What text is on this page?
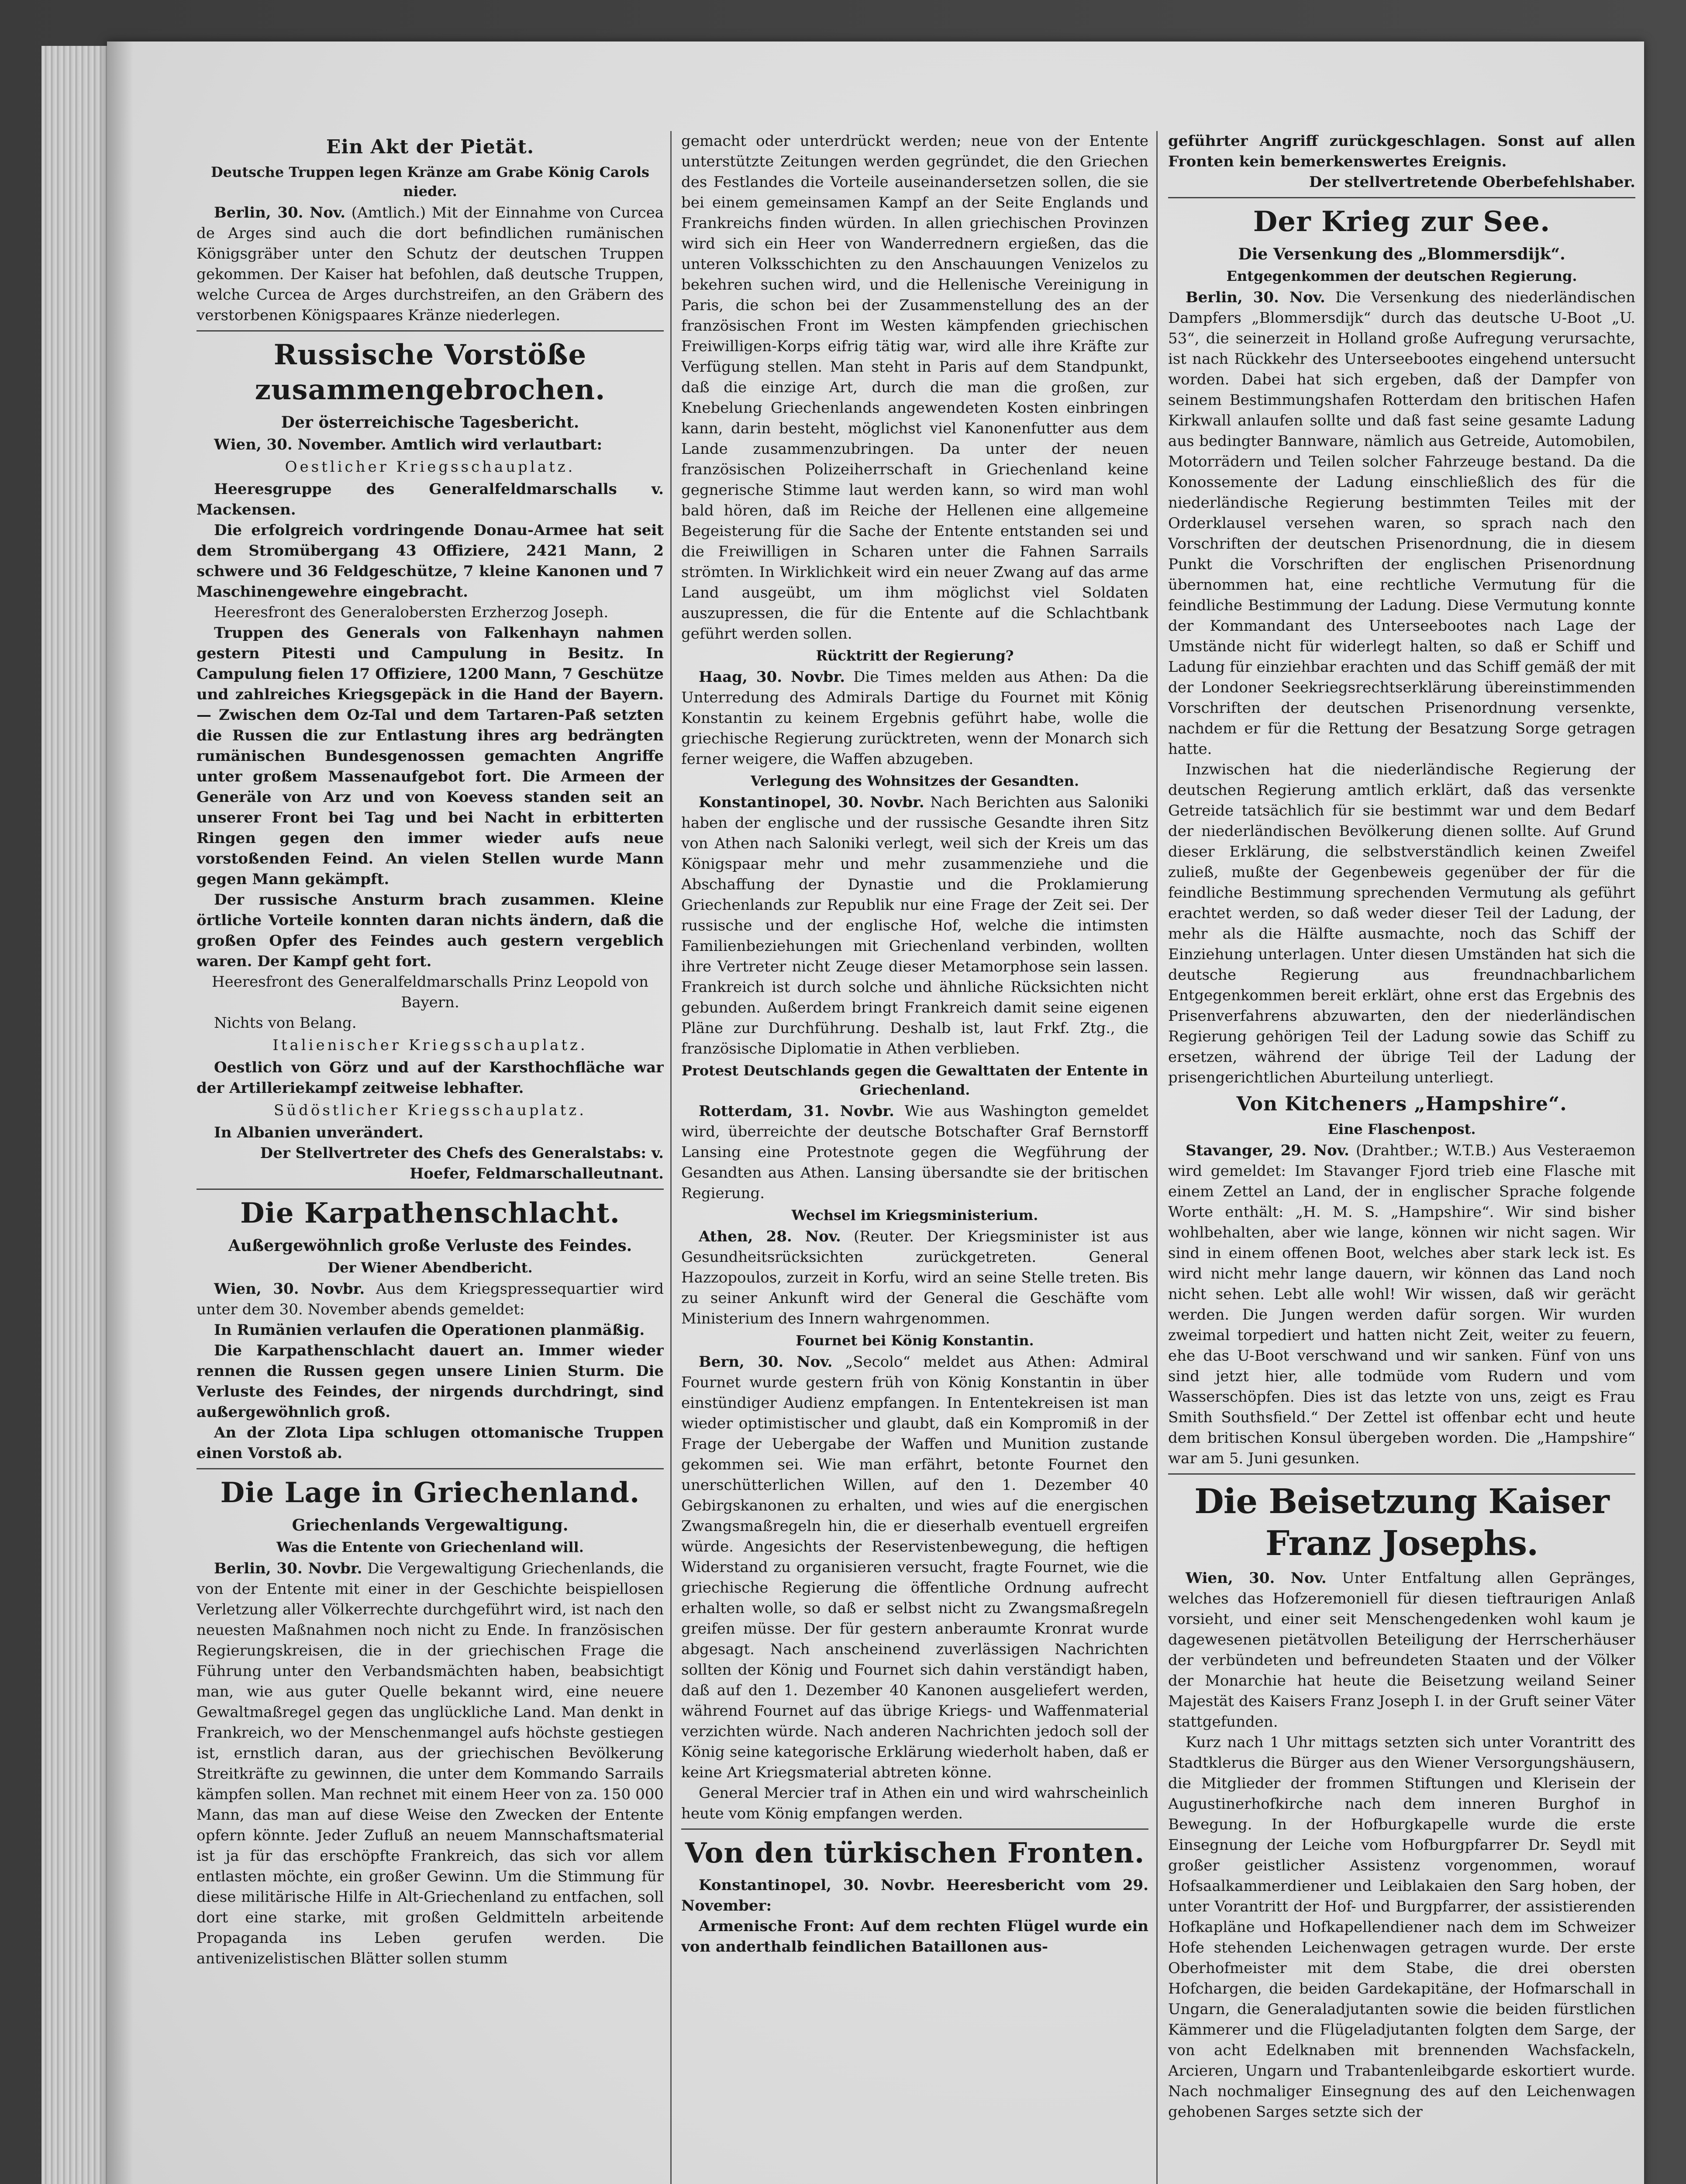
Ein Akt der Pietät.
Deutsche Truppen legen Kränze am Grabe König Carols nieder.

Berlin, 30. Nov. (Amtlich.) Mit der Einnahme von Curcea de Arges sind auch die dort befindlichen rumänischen Königsgräber unter den Schutz der deutschen Truppen gekommen. Der Kaiser hat befohlen, daß deutsche Truppen, welche Curcea de Arges durchstreifen, an den Gräbern des verstorbenen Königspaares Kränze niederlegen.

Russische Vorstöße zusammengebrochen.
Der österreichische Tagesbericht.

Wien, 30. November. Amtlich wird verlautbart:

Oestlicher Kriegsschauplatz.

Heeresgruppe des Generalfeldmarschalls v. Mackensen.

Die erfolgreich vordringende Donau-Armee hat seit dem Stromübergang 43 Offiziere, 2421 Mann, 2 schwere und 36 Feldgeschütze, 7 kleine Kanonen und 7 Maschinengewehre eingebracht.

Heeresfront des Generalobersten Erzherzog Joseph.

Truppen des Generals von Falkenhayn nahmen gestern Pitesti und Campulung in Besitz. In Campulung fielen 17 Offiziere, 1200 Mann, 7 Geschütze und zahlreiches Kriegsgepäck in die Hand der Bayern. — Zwischen dem Oz-Tal und dem Tartaren-Paß setzten die Russen die zur Entlastung ihres arg bedrängten rumänischen Bundesgenossen gemachten Angriffe unter großem Massenaufgebot fort. Die Armeen der Generäle von Arz und von Koevess standen seit an unserer Front bei Tag und bei Nacht in erbitterten Ringen gegen den immer wieder aufs neue vorstoßenden Feind. An vielen Stellen wurde Mann gegen Mann gekämpft.

Der russische Ansturm brach zusammen. Kleine örtliche Vorteile konnten daran nichts ändern, daß die großen Opfer des Feindes auch gestern vergeblich waren. Der Kampf geht fort.

Heeresfront des Generalfeldmarschalls Prinz Leopold von Bayern.

Nichts von Belang.

Italienischer Kriegsschauplatz.

Oestlich von Görz und auf der Karsthochfläche war der Artilleriekampf zeitweise lebhafter.

Südöstlicher Kriegsschauplatz.

In Albanien unverändert.

Der Stellvertreter des Chefs des Generalstabs: v. Hoefer, Feldmarschalleutnant.

Die Karpathenschlacht.
Außergewöhnlich große Verluste des Feindes.
Der Wiener Abendbericht.

Wien, 30. Novbr. Aus dem Kriegspressequartier wird unter dem 30. November abends gemeldet:

In Rumänien verlaufen die Operationen planmäßig.

Die Karpathenschlacht dauert an. Immer wieder rennen die Russen gegen unsere Linien Sturm. Die Verluste des Feindes, der nirgends durchdringt, sind außergewöhnlich groß.

An der Zlota Lipa schlugen ottomanische Truppen einen Vorstoß ab.

Die Lage in Griechenland.
Griechenlands Vergewaltigung.
Was die Entente von Griechenland will.

Berlin, 30. Novbr. Die Vergewaltigung Griechenlands, die von der Entente mit einer in der Geschichte beispiellosen Verletzung aller Völkerrechte durchgeführt wird, ist nach den neuesten Maßnahmen noch nicht zu Ende. In französischen Regierungskreisen, die in der griechischen Frage die Führung unter den Verbandsmächten haben, beabsichtigt man, wie aus guter Quelle bekannt wird, eine neuere Gewaltmaßregel gegen das unglückliche Land. Man denkt in Frankreich, wo der Menschenmangel aufs höchste gestiegen ist, ernstlich daran, aus der griechischen Bevölkerung Streitkräfte zu gewinnen, die unter dem Kommando Sarrails kämpfen sollen. Man rechnet mit einem Heer von za. 150 000 Mann, das man auf diese Weise den Zwecken der Entente opfern könnte. Jeder Zufluß an neuem Mannschaftsmaterial ist ja für das erschöpfte Frankreich, das sich vor allem entlasten möchte, ein großer Gewinn. Um die Stimmung für diese militärische Hilfe in Alt-Griechenland zu entfachen, soll dort eine starke, mit großen Geldmitteln arbeitende Propaganda ins Leben gerufen werden. Die antivenizelistischen Blätter sollen stumm

gemacht oder unterdrückt werden; neue von der Entente unterstützte Zeitungen werden gegründet, die den Griechen des Festlandes die Vorteile auseinandersetzen sollen, die sie bei einem gemeinsamen Kampf an der Seite Englands und Frankreichs finden würden. In allen griechischen Provinzen wird sich ein Heer von Wanderrednern ergießen, das die unteren Volksschichten zu den Anschauungen Venizelos zu bekehren suchen wird, und die Hellenische Vereinigung in Paris, die schon bei der Zusammenstellung des an der französischen Front im Westen kämpfenden griechischen Freiwilligen-Korps eifrig tätig war, wird alle ihre Kräfte zur Verfügung stellen. Man steht in Paris auf dem Standpunkt, daß die einzige Art, durch die man die großen, zur Knebelung Griechenlands angewendeten Kosten einbringen kann, darin besteht, möglichst viel Kanonenfutter aus dem Lande zusammenzubringen. Da unter der neuen französischen Polizeiherrschaft in Griechenland keine gegnerische Stimme laut werden kann, so wird man wohl bald hören, daß im Reiche der Hellenen eine allgemeine Begeisterung für die Sache der Entente entstanden sei und die Freiwilligen in Scharen unter die Fahnen Sarrails strömten. In Wirklichkeit wird ein neuer Zwang auf das arme Land ausgeübt, um ihm möglichst viel Soldaten auszupressen, die für die Entente auf die Schlachtbank geführt werden sollen.

Rücktritt der Regierung?

Haag, 30. Novbr. Die Times melden aus Athen: Da die Unterredung des Admirals Dartige du Fournet mit König Konstantin zu keinem Ergebnis geführt habe, wolle die griechische Regierung zurücktreten, wenn der Monarch sich ferner weigere, die Waffen abzugeben.

Verlegung des Wohnsitzes der Gesandten.

Konstantinopel, 30. Novbr. Nach Berichten aus Saloniki haben der englische und der russische Gesandte ihren Sitz von Athen nach Saloniki verlegt, weil sich der Kreis um das Königspaar mehr und mehr zusammenziehe und die Abschaffung der Dynastie und die Proklamierung Griechenlands zur Republik nur eine Frage der Zeit sei. Der russische und der englische Hof, welche die intimsten Familienbeziehungen mit Griechenland verbinden, wollten ihre Vertreter nicht Zeuge dieser Metamorphose sein lassen. Frankreich ist durch solche und ähnliche Rücksichten nicht gebunden. Außerdem bringt Frankreich damit seine eigenen Pläne zur Durchführung. Deshalb ist, laut Frkf. Ztg., die französische Diplomatie in Athen verblieben.

Protest Deutschlands gegen die Gewalttaten der Entente in Griechenland.

Rotterdam, 31. Novbr. Wie aus Washington gemeldet wird, überreichte der deutsche Botschafter Graf Bernstorff Lansing eine Protestnote gegen die Wegführung der Gesandten aus Athen. Lansing übersandte sie der britischen Regierung.

Wechsel im Kriegsministerium.

Athen, 28. Nov. (Reuter. Der Kriegsminister ist aus Gesundheitsrücksichten zurückgetreten. General Hazzopoulos, zurzeit in Korfu, wird an seine Stelle treten. Bis zu seiner Ankunft wird der General die Geschäfte vom Ministerium des Innern wahrgenommen.

Fournet bei König Konstantin.

Bern, 30. Nov. „Secolo“ meldet aus Athen: Admiral Fournet wurde gestern früh von König Konstantin in über einstündiger Audienz empfangen. In Ententekreisen ist man wieder optimistischer und glaubt, daß ein Kompromiß in der Frage der Uebergabe der Waffen und Munition zustande gekommen sei. Wie man erfährt, betonte Fournet den unerschütterlichen Willen, auf den 1. Dezember 40 Gebirgskanonen zu erhalten, und wies auf die energischen Zwangsmaßregeln hin, die er dieserhalb eventuell ergreifen würde. Angesichts der Reservistenbewegung, die heftigen Widerstand zu organisieren versucht, fragte Fournet, wie die griechische Regierung die öffentliche Ordnung aufrecht erhalten wolle, so daß er selbst nicht zu Zwangsmaßregeln greifen müsse. Der für gestern anberaumte Kronrat wurde abgesagt. Nach anscheinend zuverlässigen Nachrichten sollten der König und Fournet sich dahin verständigt haben, daß auf den 1. Dezember 40 Kanonen ausgeliefert werden, während Fournet auf das übrige Kriegs- und Waffenmaterial verzichten würde. Nach anderen Nachrichten jedoch soll der König seine kategorische Erklärung wiederholt haben, daß er keine Art Kriegsmaterial abtreten könne.

General Mercier traf in Athen ein und wird wahrscheinlich heute vom König empfangen werden.

Von den türkischen Fronten.

Konstantinopel, 30. Novbr. Heeresbericht vom 29. November:

Armenische Front: Auf dem rechten Flügel wurde ein von anderthalb feindlichen Bataillonen aus-

geführter Angriff zurückgeschlagen. Sonst auf allen Fronten kein bemerkenswertes Ereignis.

Der stellvertretende Oberbefehlshaber.

Der Krieg zur See.
Die Versenkung des „Blommersdijk“.
Entgegenkommen der deutschen Regierung.

Berlin, 30. Nov. Die Versenkung des niederländischen Dampfers „Blommersdijk“ durch das deutsche U-Boot „U. 53“, die seinerzeit in Holland große Aufregung verursachte, ist nach Rückkehr des Unterseebootes eingehend untersucht worden. Dabei hat sich ergeben, daß der Dampfer von seinem Bestimmungshafen Rotterdam den britischen Hafen Kirkwall anlaufen sollte und daß fast seine gesamte Ladung aus bedingter Bannware, nämlich aus Getreide, Automobilen, Motorrädern und Teilen solcher Fahrzeuge bestand. Da die Konossemente der Ladung einschließlich des für die niederländische Regierung bestimmten Teiles mit der Orderklausel versehen waren, so sprach nach den Vorschriften der deutschen Prisenordnung, die in diesem Punkt die Vorschriften der englischen Prisenordnung übernommen hat, eine rechtliche Vermutung für die feindliche Bestimmung der Ladung. Diese Vermutung konnte der Kommandant des Unterseebootes nach Lage der Umstände nicht für widerlegt halten, so daß er Schiff und Ladung für einziehbar erachten und das Schiff gemäß der mit der Londoner Seekriegsrechtserklärung übereinstimmenden Vorschriften der deutschen Prisenordnung versenkte, nachdem er für die Rettung der Besatzung Sorge getragen hatte.

Inzwischen hat die niederländische Regierung der deutschen Regierung amtlich erklärt, daß das versenkte Getreide tatsächlich für sie bestimmt war und dem Bedarf der niederländischen Bevölkerung dienen sollte. Auf Grund dieser Erklärung, die selbstverständlich keinen Zweifel zuließ, mußte der Gegenbeweis gegenüber der für die feindliche Bestimmung sprechenden Vermutung als geführt erachtet werden, so daß weder dieser Teil der Ladung, der mehr als die Hälfte ausmachte, noch das Schiff der Einziehung unterlagen. Unter diesen Umständen hat sich die deutsche Regierung aus freundnachbarlichem Entgegenkommen bereit erklärt, ohne erst das Ergebnis des Prisenverfahrens abzuwarten, den der niederländischen Regierung gehörigen Teil der Ladung sowie das Schiff zu ersetzen, während der übrige Teil der Ladung der prisengerichtlichen Aburteilung unterliegt.

Von Kitcheners „Hampshire“.
Eine Flaschenpost.

Stavanger, 29. Nov. (Drahtber.; W.T.B.) Aus Vesteraemon wird gemeldet: Im Stavanger Fjord trieb eine Flasche mit einem Zettel an Land, der in englischer Sprache folgende Worte enthält: „H. M. S. „Hampshire“. Wir sind bisher wohlbehalten, aber wie lange, können wir nicht sagen. Wir sind in einem offenen Boot, welches aber stark leck ist. Es wird nicht mehr lange dauern, wir können das Land noch nicht sehen. Lebt alle wohl! Wir wissen, daß wir gerächt werden. Die Jungen werden dafür sorgen. Wir wurden zweimal torpediert und hatten nicht Zeit, weiter zu feuern, ehe das U-Boot verschwand und wir sanken. Fünf von uns sind jetzt hier, alle todmüde vom Rudern und vom Wasserschöpfen. Dies ist das letzte von uns, zeigt es Frau Smith Southsfield.“ Der Zettel ist offenbar echt und heute dem britischen Konsul übergeben worden. Die „Hampshire“ war am 5. Juni gesunken.

Die Beisetzung Kaiser Franz Josephs.

Wien, 30. Nov. Unter Entfaltung allen Gepränges, welches das Hofzeremoniell für diesen tieftraurigen Anlaß vorsieht, und einer seit Menschengedenken wohl kaum je dagewesenen pietätvollen Beteiligung der Herrscherhäuser der verbündeten und befreundeten Staaten und der Völker der Monarchie hat heute die Beisetzung weiland Seiner Majestät des Kaisers Franz Joseph I. in der Gruft seiner Väter stattgefunden.

Kurz nach 1 Uhr mittags setzten sich unter Vorantritt des Stadtklerus die Bürger aus den Wiener Versorgungshäusern, die Mitglieder der frommen Stiftungen und Klerisein der Augustinerhofkirche nach dem inneren Burghof in Bewegung. In der Hofburgkapelle wurde die erste Einsegnung der Leiche vom Hofburgpfarrer Dr. Seydl mit großer geistlicher Assistenz vorgenommen, worauf Hofsaalkammerdiener und Leiblakaien den Sarg hoben, der unter Vorantritt der Hof- und Burgpfarrer, der assistierenden Hofkapläne und Hofkapellendiener nach dem im Schweizer Hofe stehenden Leichenwagen getragen wurde. Der erste Oberhofmeister mit dem Stabe, die drei obersten Hofchargen, die beiden Gardekapitäne, der Hofmarschall in Ungarn, die Generaladjutanten sowie die beiden fürstlichen Kämmerer und die Flügeladjutanten folgten dem Sarge, der von acht Edelknaben mit brennenden Wachsfackeln, Arcieren, Ungarn und Trabantenleibgarde eskortiert wurde. Nach nochmaliger Einsegnung des auf den Leichenwagen gehobenen Sarges setzte sich der
